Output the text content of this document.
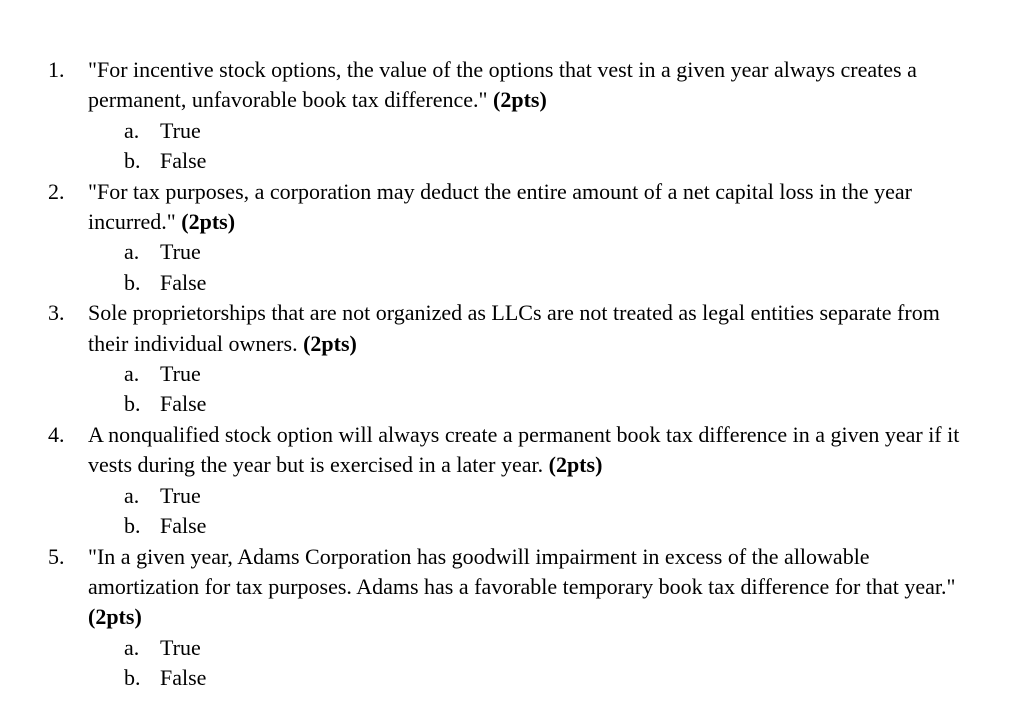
1. "For incentive stock options, the value of the options that vest in a given year always creates a permanent, unfavorable book tax difference." (2pts)
a. True
b. False
2. "For tax purposes, a corporation may deduct the entire amount of a net capital loss in the year incurred." (2pts)
a. True
b. False
3. Sole proprietorships that are not organized as LLCs are not treated as legal entities separate from their individual owners. (2pts)
a. True
b. False
4. A nonqualified stock option will always create a permanent book tax difference in a given year if it vests during the year but is exercised in a later year. (2pts)
a. True
b. False
5. "In a given year, Adams Corporation has goodwill impairment in excess of the allowable amortization for tax purposes. Adams has a favorable temporary book tax difference for that year." (2pts)
a. True
b. False
